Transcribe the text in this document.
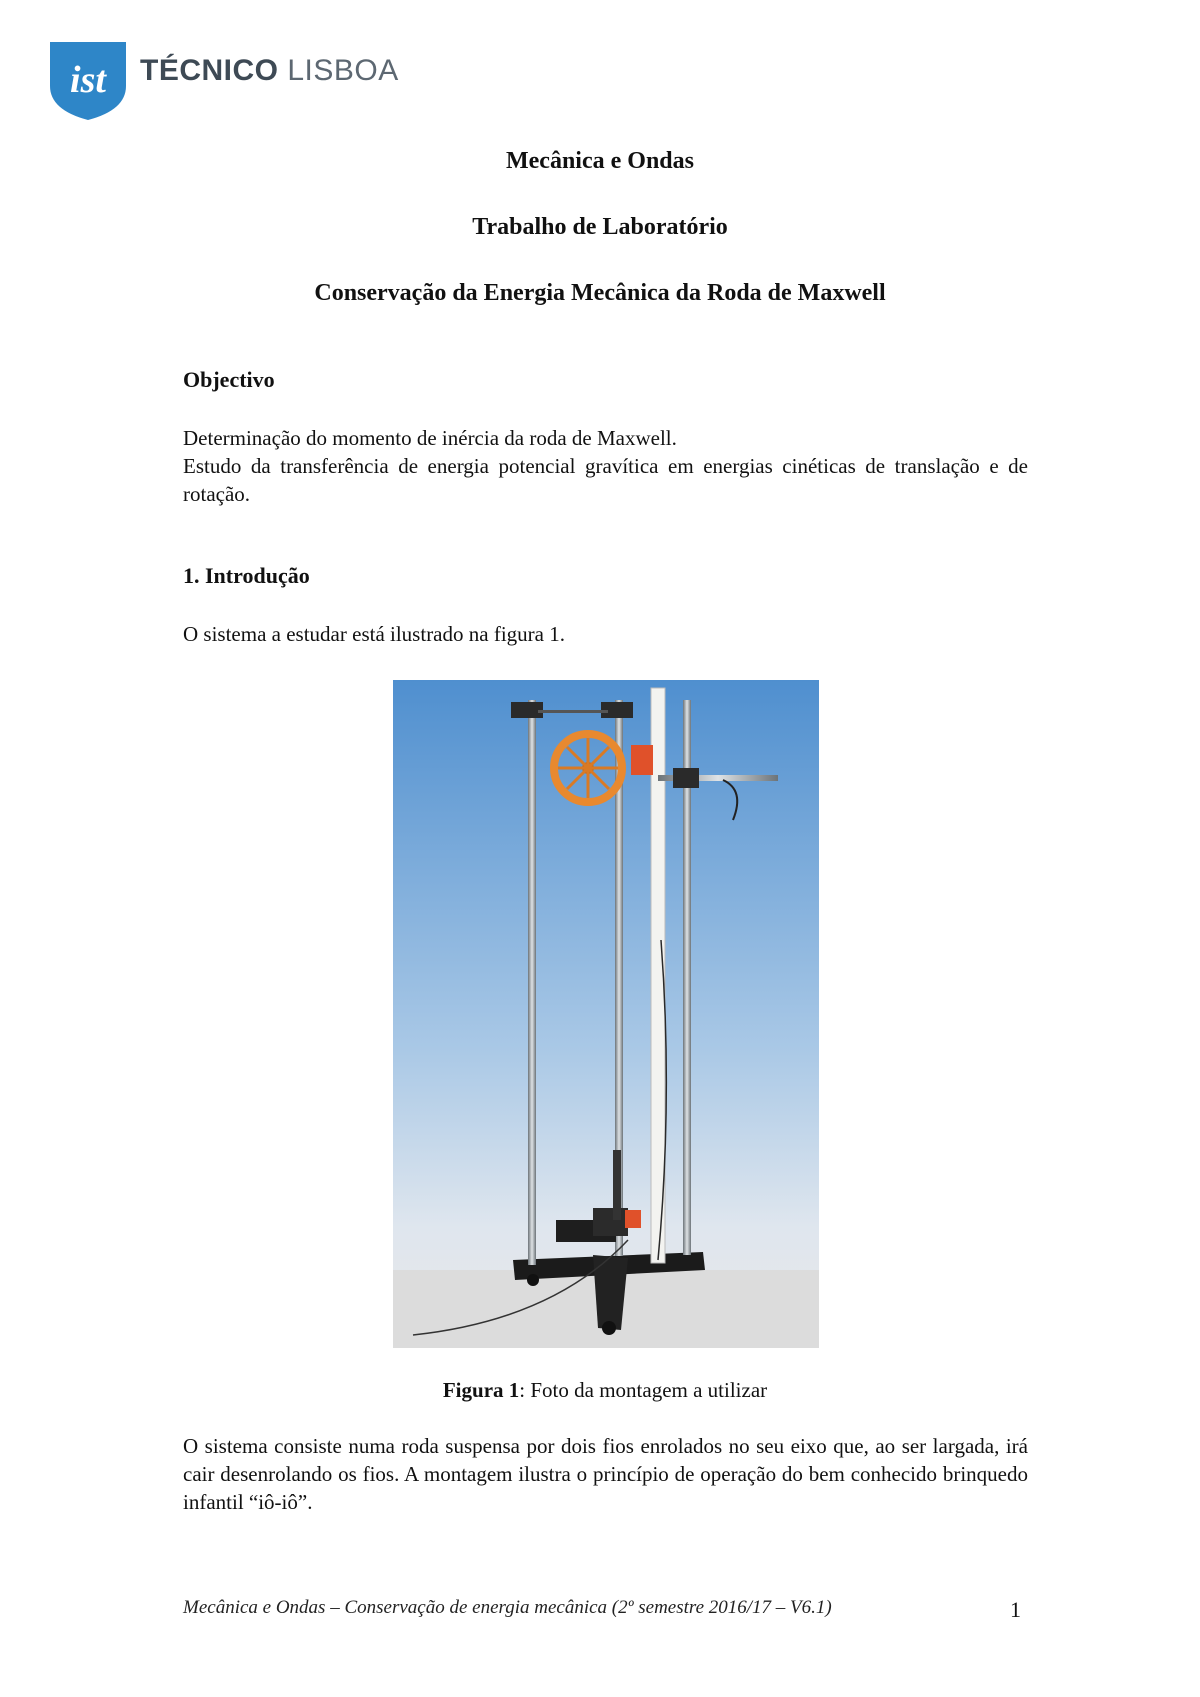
ist TÉCNICO LISBOA
Mecânica e Ondas
Trabalho de Laboratório
Conservação da Energia Mecânica da Roda de Maxwell
Objectivo
Determinação do momento de inércia da roda de Maxwell.
Estudo da transferência de energia potencial gravítica em energias cinéticas de translação e de rotação.
1. Introdução
O sistema a estudar está ilustrado na figura 1.
Figura 1: Foto da montagem a utilizar
O sistema consiste numa roda suspensa por dois fios enrolados no seu eixo que, ao ser largada, irá cair desenrolando os fios. A montagem ilustra o princípio de operação do bem conhecido brinquedo infantil “iô-iô”.
Mecânica e Ondas – Conservação de energia mecânica (2º semestre 2016/17 – V6.1)	1
